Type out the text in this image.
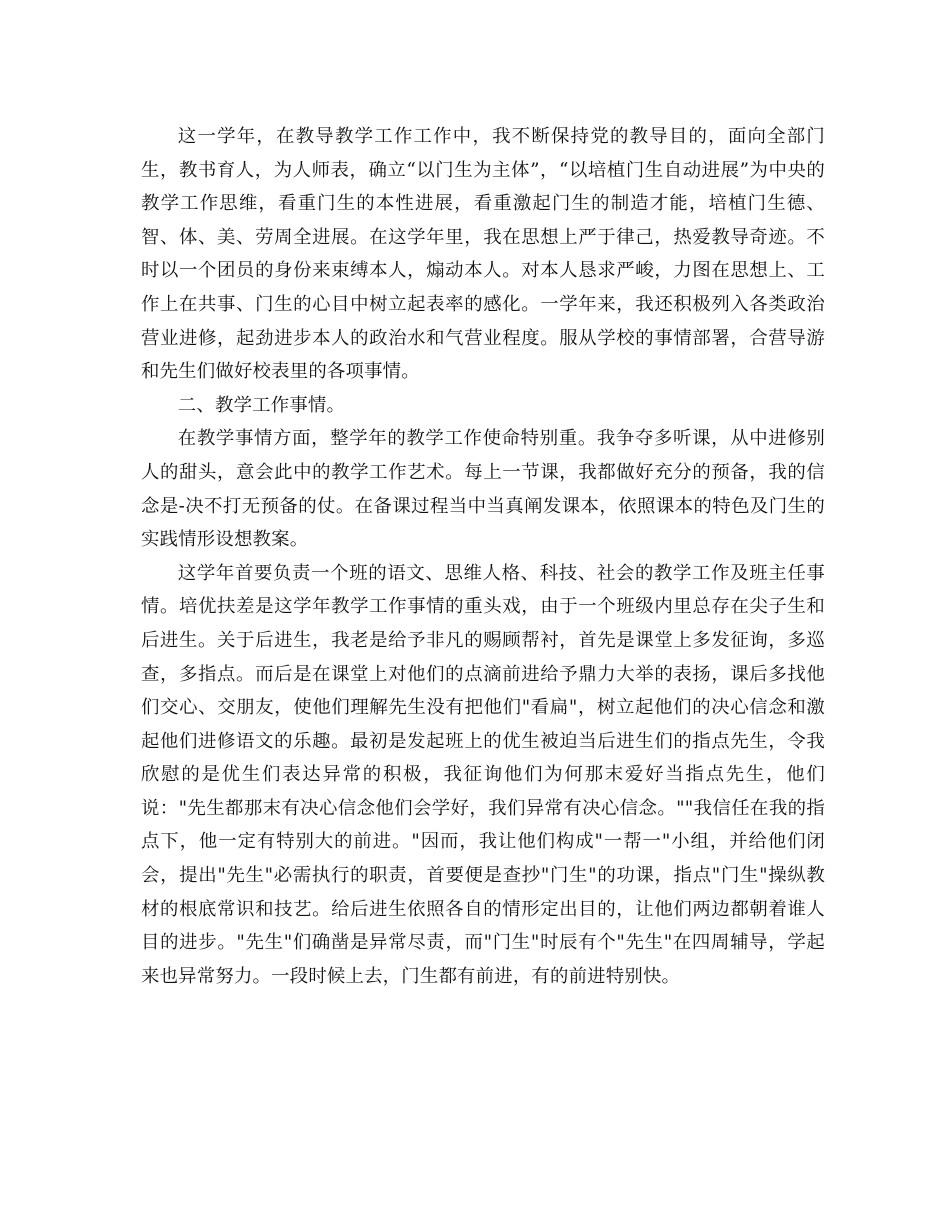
这一学年，在教导教学工作工作中，我不断保持党的教导目的，面向全部门生，教书育人，为人师表，确立“以门生为主体”，“以培植门生自动进展”为中央的教学工作思维，看重门生的本性进展，看重激起门生的制造才能，培植门生德、智、体、美、劳周全进展。在这学年里，我在思想上严于律己，热爱教导奇迹。不时以一个团员的身份来束缚本人，煽动本人。对本人恳求严峻，力图在思想上、工作上在共事、门生的心目中树立起表率的感化。一学年来，我还积极列入各类政治营业进修，起劲进步本人的政治水和气营业程度。服从学校的事情部署，合营导游和先生们做好校表里的各项事情。

二、教学工作事情。

在教学事情方面，整学年的教学工作使命特别重。我争夺多听课，从中进修别人的甜头，意会此中的教学工作艺术。每上一节课，我都做好充分的预备，我的信念是-决不打无预备的仗。在备课过程当中当真阐发课本，依照课本的特色及门生的实践情形设想教案。

这学年首要负责一个班的语文、思维人格、科技、社会的教学工作及班主任事情。培优扶差是这学年教学工作事情的重头戏，由于一个班级内里总存在尖子生和后进生。关于后进生，我老是给予非凡的赐顾帮衬，首先是课堂上多发征询，多巡查，多指点。而后是在课堂上对他们的点滴前进给予鼎力大举的表扬，课后多找他们交心、交朋友，使他们理解先生没有把他们"看扁"，树立起他们的决心信念和激起他们进修语文的乐趣。最初是发起班上的优生被迫当后进生们的指点先生，令我欣慰的是优生们表达异常的积极，我征询他们为何那末爱好当指点先生，他们说："先生都那末有决心信念他们会学好，我们异常有决心信念。""我信任在我的指点下，他一定有特别大的前进。"因而，我让他们构成"一帮一"小组，并给他们闭会，提出"先生"必需执行的职责，首要便是查抄"门生"的功课，指点"门生"操纵教材的根底常识和技艺。给后进生依照各自的情形定出目的，让他们两边都朝着谁人目的进步。"先生"们确凿是异常尽责，而"门生"时辰有个"先生"在四周辅导，学起来也异常努力。一段时候上去，门生都有前进，有的前进特别快。
